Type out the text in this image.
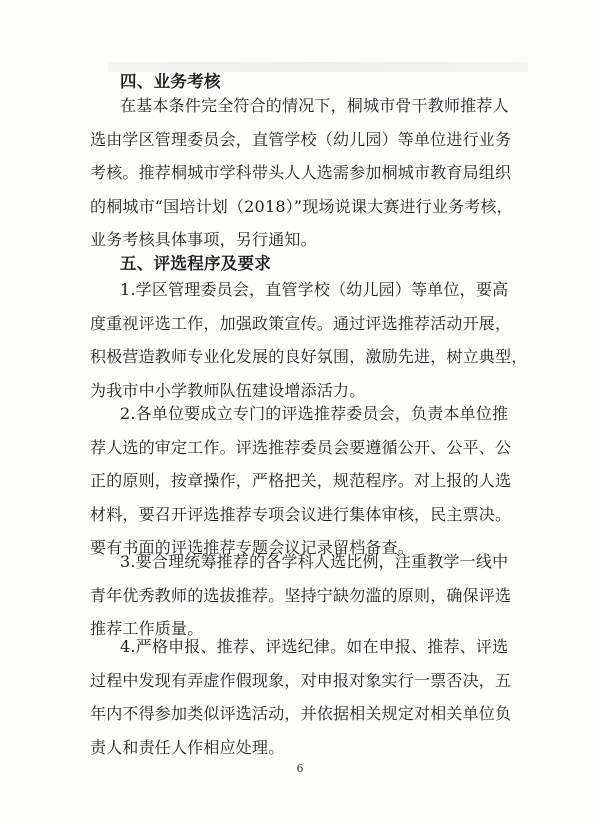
四、业务考核
在基本条件完全符合的情况下，桐城市骨干教师推荐人
选由学区管理委员会，直管学校（幼儿园）等单位进行业务
考核。推荐桐城市学科带头人人选需参加桐城市教育局组织
的桐城市“国培计划（2018）”现场说课大赛进行业务考核，
业务考核具体事项，另行通知。
五、评选程序及要求
1.学区管理委员会，直管学校（幼儿园）等单位，要高
度重视评选工作，加强政策宣传。通过评选推荐活动开展，
积极营造教师专业化发展的良好氛围，激励先进，树立典型，
为我市中小学教师队伍建设增添活力。
2.各单位要成立专门的评选推荐委员会，负责本单位推
荐人选的审定工作。评选推荐委员会要遵循公开、公平、公
正的原则，按章操作，严格把关，规范程序。对上报的人选
材料，要召开评选推荐专项会议进行集体审核，民主票决。
要有书面的评选推荐专题会议记录留档备查。
3.要合理统筹推荐的各学科人选比例，注重教学一线中
青年优秀教师的选拔推荐。坚持宁缺勿滥的原则，确保评选
推荐工作质量。
4.严格申报、推荐、评选纪律。如在申报、推荐、评选
过程中发现有弄虚作假现象，对申报对象实行一票否决，五
年内不得参加类似评选活动，并依据相关规定对相关单位负
责人和责任人作相应处理。
6
